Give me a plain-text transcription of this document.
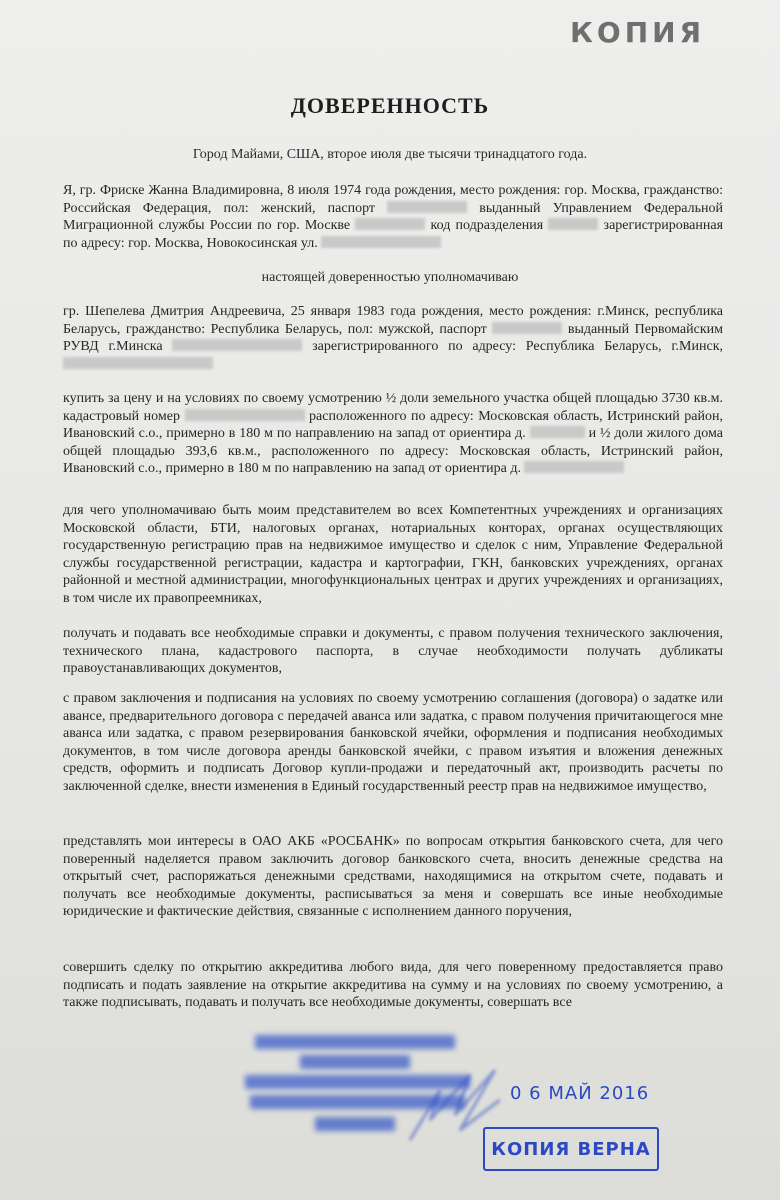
КОПИЯ
ДОВЕРЕННОСТЬ
Город Майами, США, второе июля две тысячи тринадцатого года.
Я, гр. Фриске Жанна Владимировна, 8 июля 1974 года рождения, место рождения: гор. Москва, гражданство: Российская Федерация, пол: женский, паспорт	выданный Управлением Федеральной Миграционной службы России по гор. Москве	код подразделения	зарегистрированная по адресу: гор. Москва, Новокосинская ул.
настоящей доверенностью уполномачиваю
гр. Шепелева Дмитрия Андреевича, 25 января 1983 года рождения, место рождения: г.Минск, республика Беларусь, гражданство: Республика Беларусь, пол: мужской, паспорт	выданный Первомайским РУВД г.Минска	зарегистрированного по адресу: Республика Беларусь, г.Минск,
купить за цену и на условиях по своему усмотрению ½ доли земельного участка общей площадью 3730 кв.м. кадастровый номер	расположенного по адресу: Московская область, Истринский район, Ивановский с.о., примерно в 180 м по направлению на запад от ориентира д.	и ½ доли жилого дома общей площадью 393,6 кв.м., расположенного по адресу: Московская область, Истринский район, Ивановский с.о., примерно в 180 м по направлению на запад от ориентира д.
для чего уполномачиваю быть моим представителем во всех Компетентных учреждениях и организациях Московской области, БТИ, налоговых органах, нотариальных конторах, органах осуществляющих государственную регистрацию прав на недвижимое имущество и сделок с ним, Управление Федеральной службы государственной регистрации, кадастра и картографии, ГКН, банковских учреждениях, органах районной и местной администрации, многофункциональных центрах и других учреждениях и организациях, в том числе их правопреемниках,
получать и подавать все необходимые справки и документы, с правом получения технического заключения, технического плана, кадастрового паспорта, в случае необходимости получать дубликаты правоустанавливающих документов,
с правом заключения и подписания на условиях по своему усмотрению соглашения (договора) о задатке или авансе, предварительного договора с передачей аванса или задатка, с правом получения причитающегося мне аванса или задатка, с правом резервирования банковской ячейки, оформления и подписания необходимых документов, в том числе договора аренды банковской ячейки, с правом изъятия и вложения денежных средств, оформить и подписать Договор купли-продажи и передаточный акт, производить расчеты по заключенной сделке, внести изменения в Единый государственный реестр прав на недвижимое имущество,
представлять мои интересы в ОАО АКБ «РОСБАНК» по вопросам открытия банковского счета, для чего поверенный наделяется правом заключить договор банковского счета, вносить денежные средства на открытый счет, распоряжаться денежными средствами, находящимися на открытом счете, подавать и получать все необходимые документы, расписываться за меня и совершать все иные необходимые юридические и фактические действия, связанные с исполнением данного поручения,
совершить сделку по открытию аккредитива любого вида, для чего поверенному предоставляется право подписать и подать заявление на открытие аккредитива на сумму и на условиях по своему усмотрению, а также подписывать, подавать и получать все необходимые документы, совершать все
0 6 МАЙ 2016
КОПИЯ ВЕРНА
